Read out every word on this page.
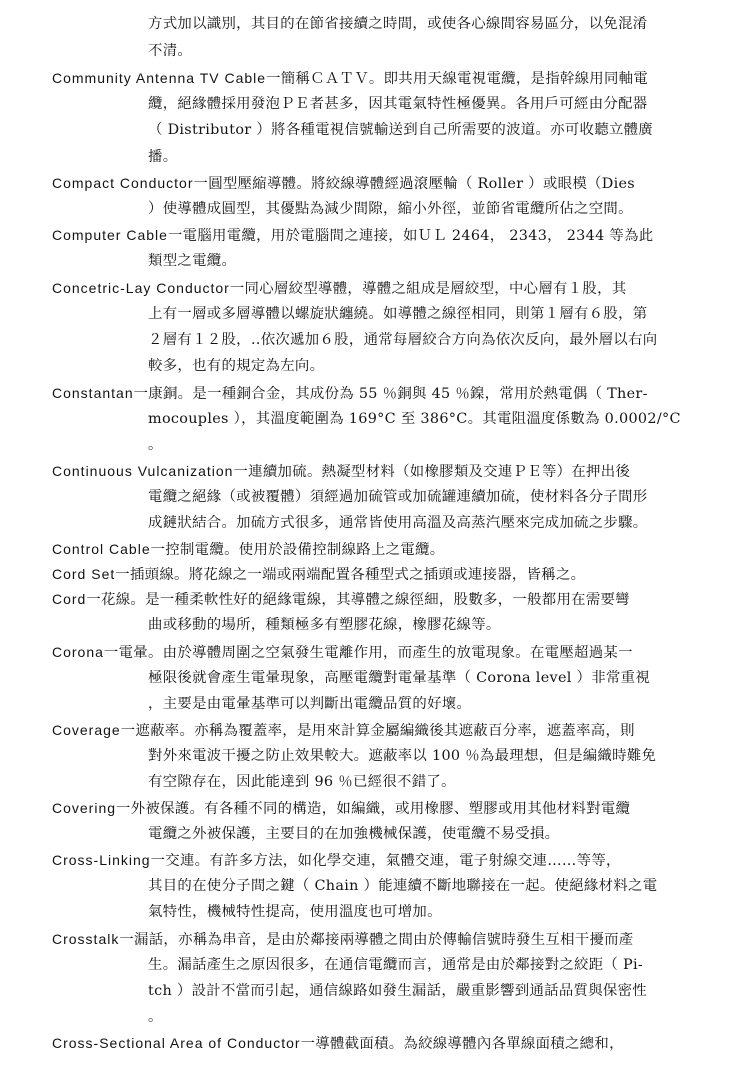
方式加以識別，其目的在節省接續之時間，或使各心線間容易區分，以免混淆
不清。
Community Antenna TV Cable一簡稱ＣＡＴＶ。即共用天線電視電纜，是指幹線用同軸電
纜，絕緣體採用發泡ＰＥ者甚多，因其電氣特性極優異。各用戶可經由分配器
（ Distributor ）將各種電視信號輸送到自己所需要的波道。亦可收聽立體廣
播。
Compact Conductor一圓型壓縮導體。將絞線導體經過滾壓輪（ Roller ）或眼模（Dies
）使導體成圓型，其優點為減少間隙，縮小外徑，並節省電纜所佔之空間。
Computer Cable一電腦用電纜，用於電腦間之連接，如ＵＬ 2464， 2343， 2344 等為此
類型之電纜。
Concetric-Lay Conductor一同心層絞型導體，導體之組成是層絞型，中心層有１股，其
上有一層或多層導體以螺旋狀纏繞。如導體之線徑相同，則第１層有６股，第
２層有１２股，‥依次遞加６股，通常每層絞合方向為依次反向，最外層以右向
較多，也有的規定為左向。
Constantan一康銅。是一種銅合金，其成份為 55 ％銅與 45 ％鎳，常用於熱電偶（ Ther-
mocouples ），其溫度範圍為 169°C 至 386°C。其電阻溫度係數為 0.0002/°C
。
Continuous Vulcanization一連續加硫。熱凝型材料（如橡膠類及交連ＰＥ等）在押出後
電纜之絕緣（或被覆體）須經過加硫管或加硫罐連續加硫，使材料各分子間形
成鏈狀結合。加硫方式很多，通常皆使用高溫及高蒸汽壓來完成加硫之步驟。
Control Cable一控制電纜。使用於設備控制線路上之電纜。
Cord Set一插頭線。將花線之一端或兩端配置各種型式之插頭或連接器，皆稱之。
Cord一花線。是一種柔軟性好的絕緣電線，其導體之線徑細，股數多，一般都用在需要彎
曲或移動的場所，種類極多有塑膠花線，橡膠花線等。
Corona一電暈。由於導體周圍之空氣發生電離作用，而產生的放電現象。在電壓超過某一
極限後就會產生電暈現象，高壓電纜對電暈基準（ Corona level ）非常重視
，主要是由電暈基準可以判斷出電纜品質的好壞。
Coverage一遮蔽率。亦稱為覆蓋率，是用來計算金屬編織後其遮蔽百分率，遮蓋率高，則
對外來電波干擾之防止效果較大。遮蔽率以 100 ％為最理想，但是編織時難免
有空隙存在，因此能達到 96 ％已經很不錯了。
Covering一外被保護。有各種不同的構造，如編織，或用橡膠、塑膠或用其他材料對電纜
電纜之外被保護，主要目的在加強機械保護，使電纜不易受損。
Cross-Linking一交連。有許多方法，如化學交連，氣體交連，電子射線交連……等等，
其目的在使分子間之鍵（ Chain ）能連續不斷地聯接在一起。使絕緣材料之電
氣特性，機械特性提高，使用溫度也可增加。
Crosstalk一漏話，亦稱為串音，是由於鄰接兩導體之間由於傳輸信號時發生互相干擾而產
生。漏話產生之原因很多，在通信電纜而言，通常是由於鄰接對之絞距（ Pi-
tch ）設計不當而引起，通信線路如發生漏話，嚴重影響到通話品質與保密性
。
Cross-Sectional Area of Conductor一導體截面積。為絞線導體內各單線面積之總和，
